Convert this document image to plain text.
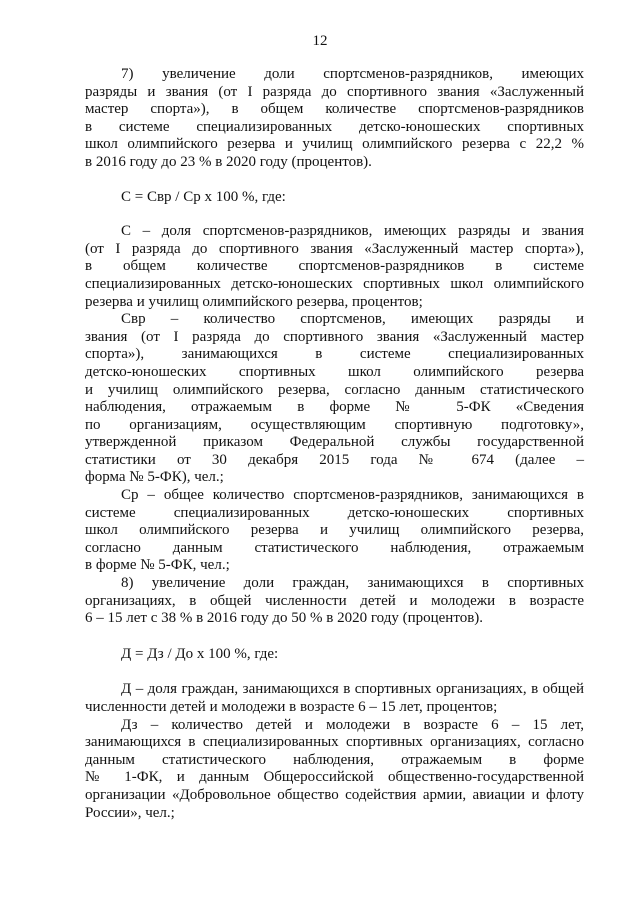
12

7) увеличение доли спортсменов-разрядников, имеющих

разряды и звания (от I разряда до спортивного звания «Заслуженный

мастер спорта»), в общем количестве спортсменов-разрядников

в системе специализированных детско-юношеских спортивных

школ олимпийского резерва и училищ олимпийского резерва с 22,2 %

в 2016 году до 23 % в 2020 году (процентов).

С = Свр / Ср х 100 %, где:

С – доля спортсменов-разрядников, имеющих разряды и звания

(от I разряда до спортивного звания «Заслуженный мастер спорта»),

в общем количестве спортсменов-разрядников в системе

специализированных детско-юношеских спортивных школ олимпийского

резерва и училищ олимпийского резерва, процентов;

Свр – количество спортсменов, имеющих разряды и

звания (от I разряда до спортивного звания «Заслуженный мастер

спорта»), занимающихся в системе специализированных

детско-юношеских спортивных школ олимпийского резерва

и училищ олимпийского резерва, согласно данным статистического

наблюдения, отражаемым в форме № 5-ФК «Сведения

по организациям, осуществляющим спортивную подготовку»,

утвержденной приказом Федеральной службы государственной

статистики от 30 декабря 2015 года № 674 (далее –

форма № 5-ФК), чел.;

Ср – общее количество спортсменов-разрядников, занимающихся в

системе специализированных детско-юношеских спортивных

школ олимпийского резерва и училищ олимпийского резерва,

согласно данным статистического наблюдения, отражаемым

в форме № 5-ФК, чел.;

8) увеличение доли граждан, занимающихся в спортивных

организациях, в общей численности детей и молодежи в возрасте

6 – 15 лет с 38 % в 2016 году до 50 % в 2020 году (процентов).

Д = Дз / До х 100 %, где:

Д – доля граждан, занимающихся в спортивных организациях, в общей

численности детей и молодежи в возрасте 6 – 15 лет, процентов;

Дз – количество детей и молодежи в возрасте 6 – 15 лет,

занимающихся в специализированных спортивных организациях, согласно

данным статистического наблюдения, отражаемым в форме

№ 1-ФК, и данным Общероссийской общественно-государственной

организации «Добровольное общество содействия армии, авиации и флоту

России», чел.;
